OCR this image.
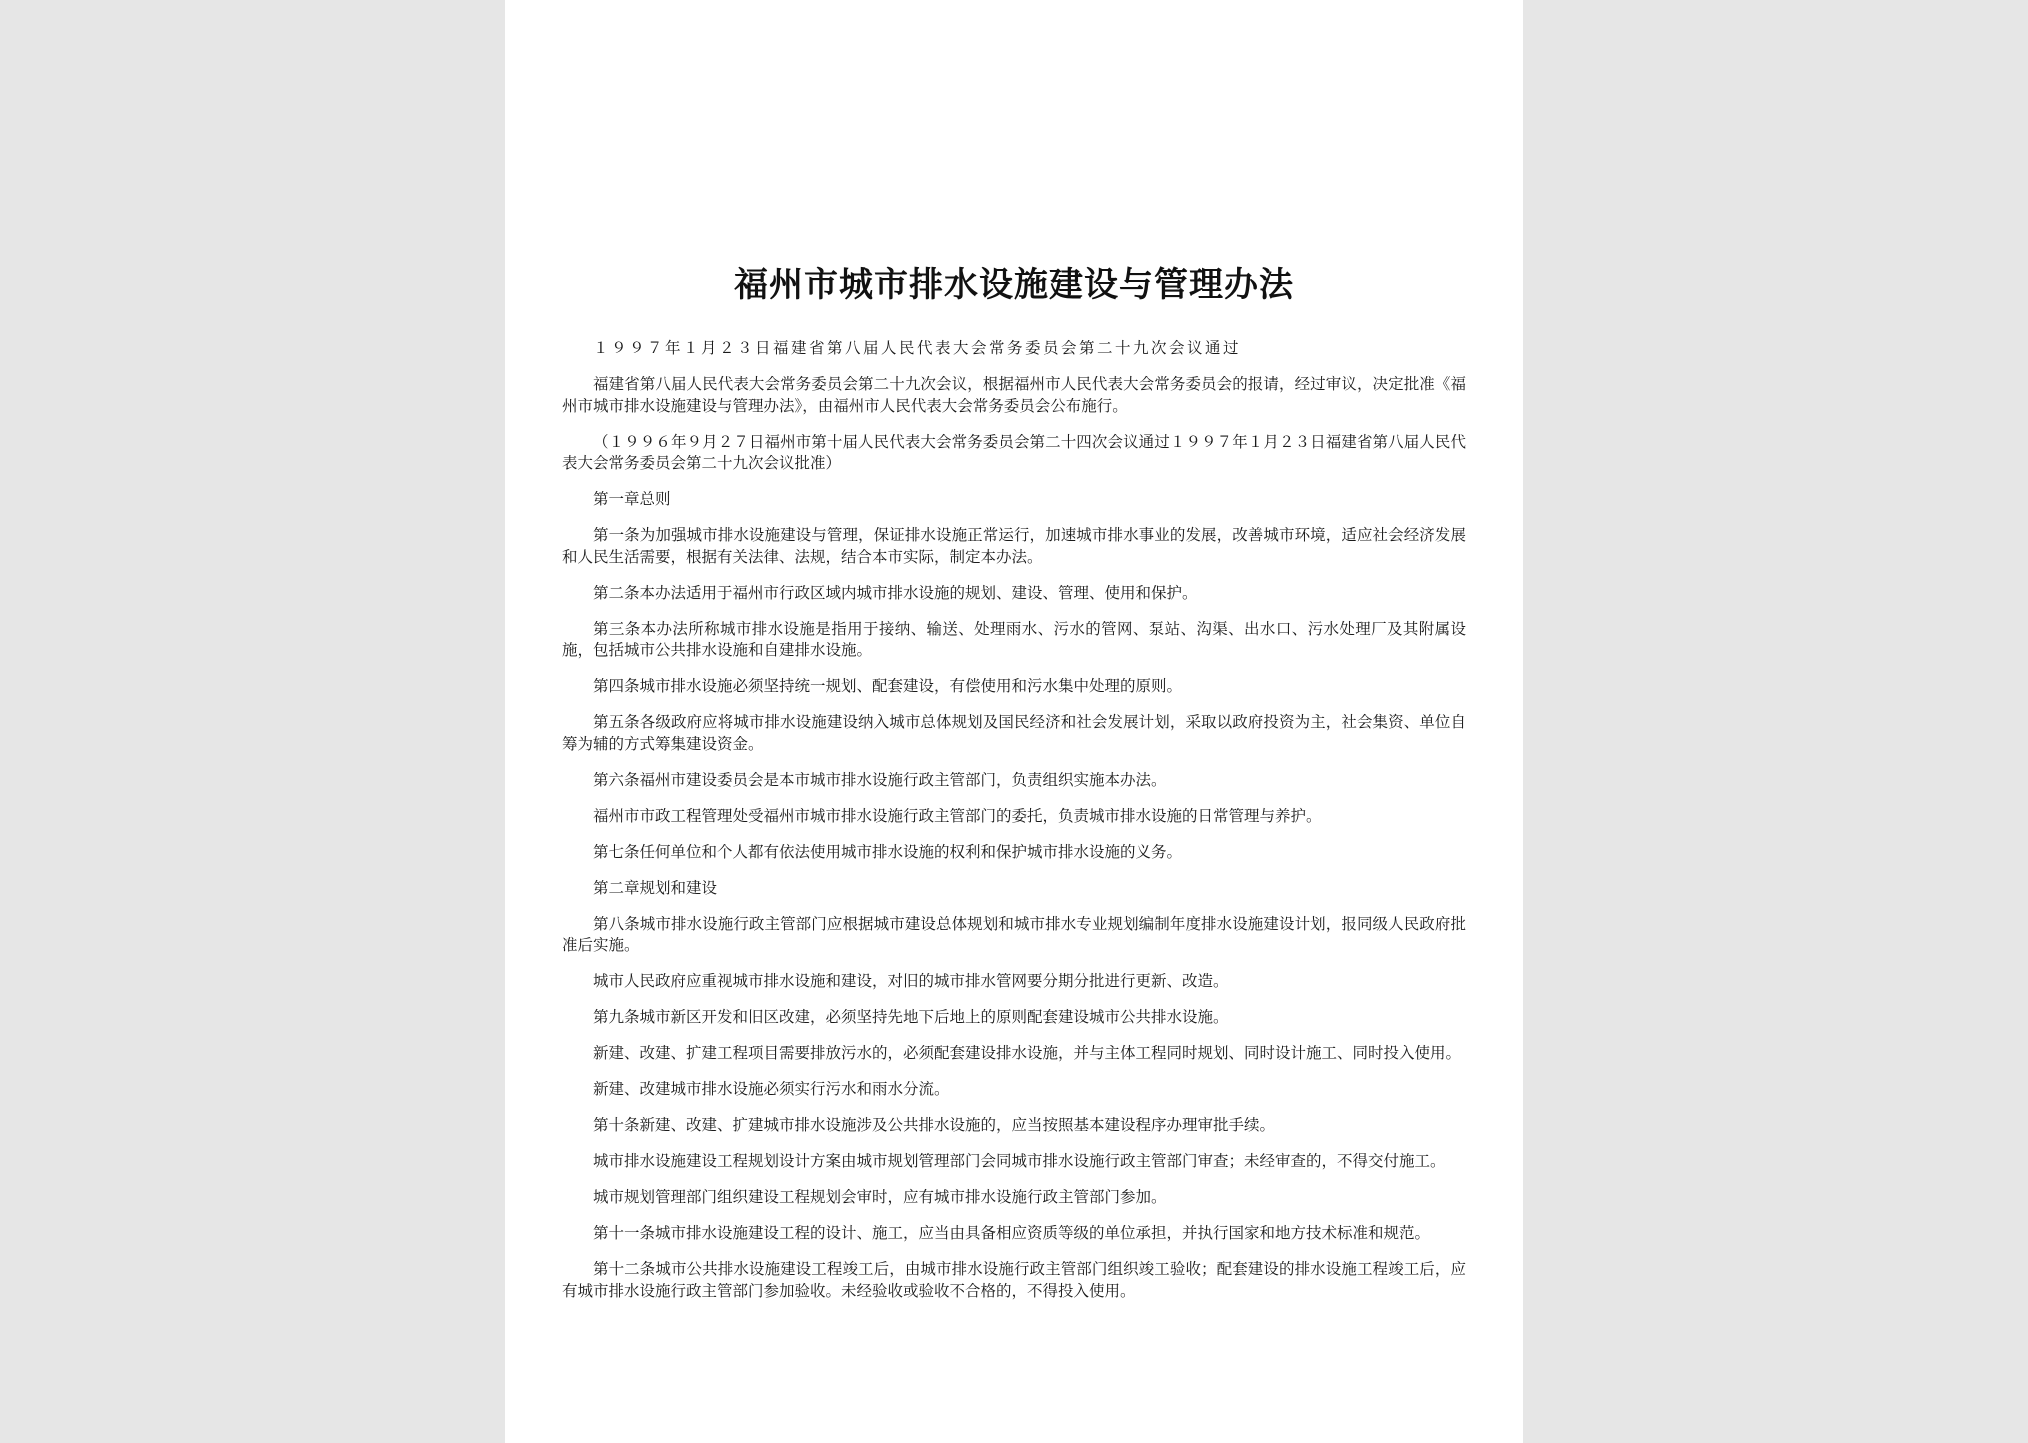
福州市城市排水设施建设与管理办法

１９９７年１月２３日福建省第八届人民代表大会常务委员会第二十九次会议通过

福建省第八届人民代表大会常务委员会第二十九次会议，根据福州市人民代表大会常务委员会的报请，经过审议，决定批准《福州市城市排水设施建设与管理办法》，由福州市人民代表大会常务委员会公布施行。

（１９９６年９月２７日福州市第十届人民代表大会常务委员会第二十四次会议通过１９９７年１月２３日福建省第八届人民代表大会常务委员会第二十九次会议批准）

第一章总则

第一条为加强城市排水设施建设与管理，保证排水设施正常运行，加速城市排水事业的发展，改善城市环境，适应社会经济发展和人民生活需要，根据有关法律、法规，结合本市实际，制定本办法。

第二条本办法适用于福州市行政区域内城市排水设施的规划、建设、管理、使用和保护。

第三条本办法所称城市排水设施是指用于接纳、输送、处理雨水、污水的管网、泵站、沟渠、出水口、污水处理厂及其附属设施，包括城市公共排水设施和自建排水设施。

第四条城市排水设施必须坚持统一规划、配套建设，有偿使用和污水集中处理的原则。

第五条各级政府应将城市排水设施建设纳入城市总体规划及国民经济和社会发展计划，采取以政府投资为主，社会集资、单位自筹为辅的方式筹集建设资金。

第六条福州市建设委员会是本市城市排水设施行政主管部门，负责组织实施本办法。

福州市市政工程管理处受福州市城市排水设施行政主管部门的委托，负责城市排水设施的日常管理与养护。

第七条任何单位和个人都有依法使用城市排水设施的权利和保护城市排水设施的义务。

第二章规划和建设

第八条城市排水设施行政主管部门应根据城市建设总体规划和城市排水专业规划编制年度排水设施建设计划，报同级人民政府批准后实施。

城市人民政府应重视城市排水设施和建设，对旧的城市排水管网要分期分批进行更新、改造。

第九条城市新区开发和旧区改建，必须坚持先地下后地上的原则配套建设城市公共排水设施。

新建、改建、扩建工程项目需要排放污水的，必须配套建设排水设施，并与主体工程同时规划、同时设计施工、同时投入使用。

新建、改建城市排水设施必须实行污水和雨水分流。

第十条新建、改建、扩建城市排水设施涉及公共排水设施的，应当按照基本建设程序办理审批手续。

城市排水设施建设工程规划设计方案由城市规划管理部门会同城市排水设施行政主管部门审查；未经审查的，不得交付施工。

城市规划管理部门组织建设工程规划会审时，应有城市排水设施行政主管部门参加。

第十一条城市排水设施建设工程的设计、施工，应当由具备相应资质等级的单位承担，并执行国家和地方技术标准和规范。

第十二条城市公共排水设施建设工程竣工后，由城市排水设施行政主管部门组织竣工验收；配套建设的排水设施工程竣工后，应有城市排水设施行政主管部门参加验收。未经验收或验收不合格的，不得投入使用。
